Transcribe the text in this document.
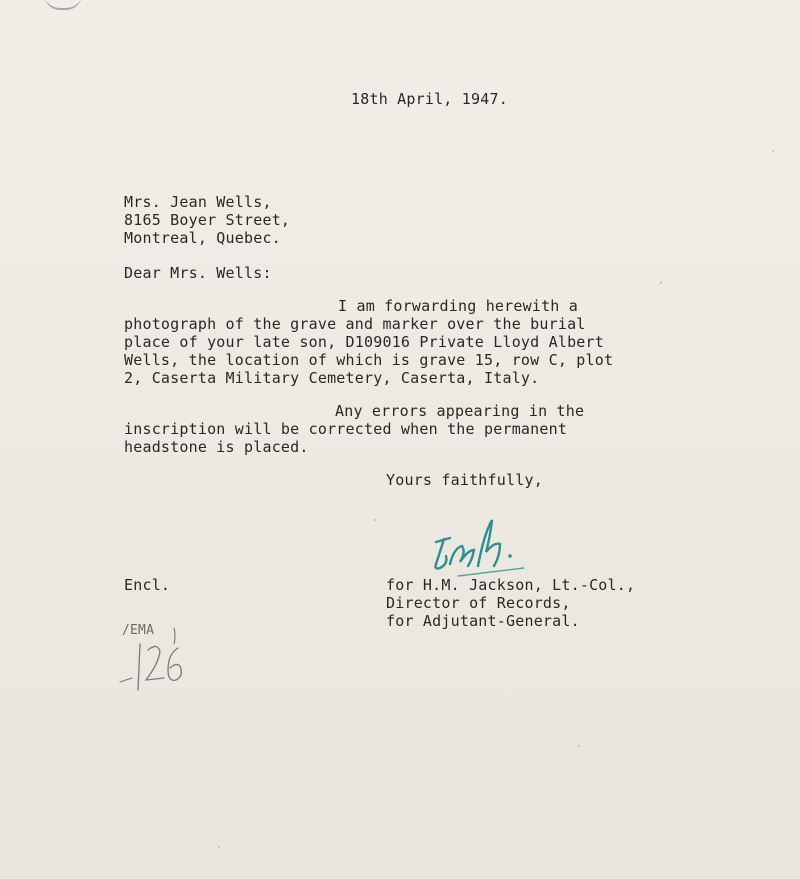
18th April, 1947.
Mrs. Jean Wells,
8165 Boyer Street,
Montreal, Quebec.
Dear Mrs. Wells:
I am forwarding herewith a
photograph of the grave and marker over the burial
place of your late son, D109016 Private Lloyd Albert
Wells, the location of which is grave 15, row C, plot
2, Caserta Military Cemetery, Caserta, Italy.
Any errors appearing in the
inscription will be corrected when the permanent
headstone is placed.
Yours faithfully,
Encl.	for H.M. Jackson, Lt.-Col.,
Director of Records,
for Adjutant-General.
/EMA
